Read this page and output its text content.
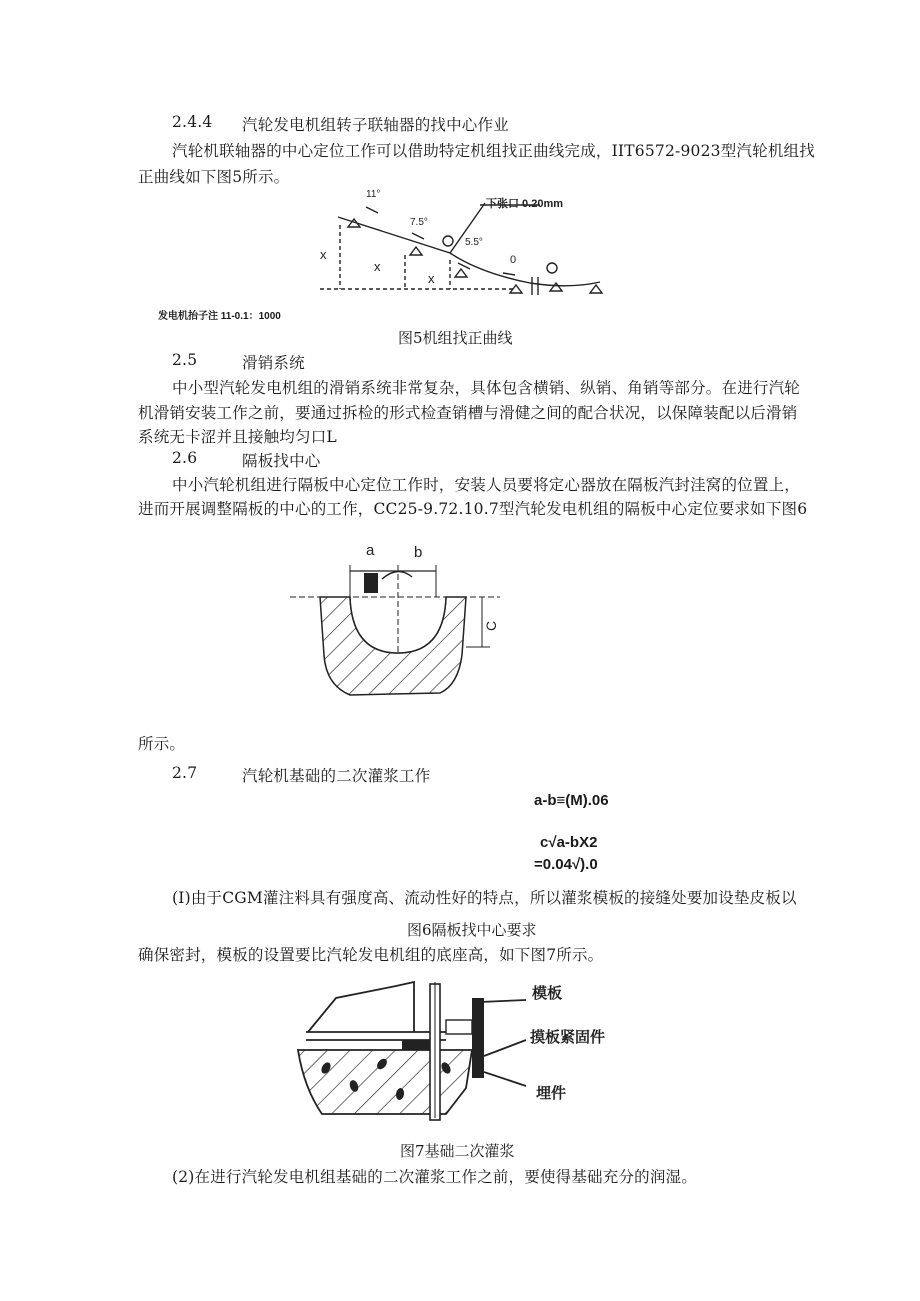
2.4.4 汽轮发电机组转子联轴器的找中心作业
汽轮机联轴器的中心定位工作可以借助特定机组找正曲线完成，IIT6572-9023型汽轮机组找
正曲线如下图5所示。
11°
7.5°
5.5°
下张口 0.20mm
x
x
x
0
发电机抬子注 11-0.1：1000
图5机组找正曲线
2.5	滑销系统
中小型汽轮发电机组的滑销系统非常复杂，具体包含横销、纵销、角销等部分。在进行汽轮
机滑销安装工作之前，要通过拆检的形式检查销槽与滑健之间的配合状况，以保障装配以后滑销
系统无卡涩并且接触均匀口L
2.6	隔板找中心
中小汽轮机组进行隔板中心定位工作时，安装人员要将定心器放在隔板汽封洼窝的位置上，
进而开展调整隔板的中心的工作，CC25-9.72.10.7型汽轮发电机组的隔板中心定位要求如下图6
a	b
C
所示。
2.7	汽轮机基础的二次灌浆工作
a-b≡(M).06
c√a-bX2
=0.04√).0
(I)由于CGM灌注料具有强度高、流动性好的特点，所以灌浆模板的接缝处要加设垫皮板以
图6隔板找中心要求
确保密封，模板的设置要比汽轮发电机组的底座高，如下图7所示。
模板
摸板紧固件
埋件
图7基础二次灌浆
(2)在进行汽轮发电机组基础的二次灌浆工作之前，要使得基础充分的润湿。
